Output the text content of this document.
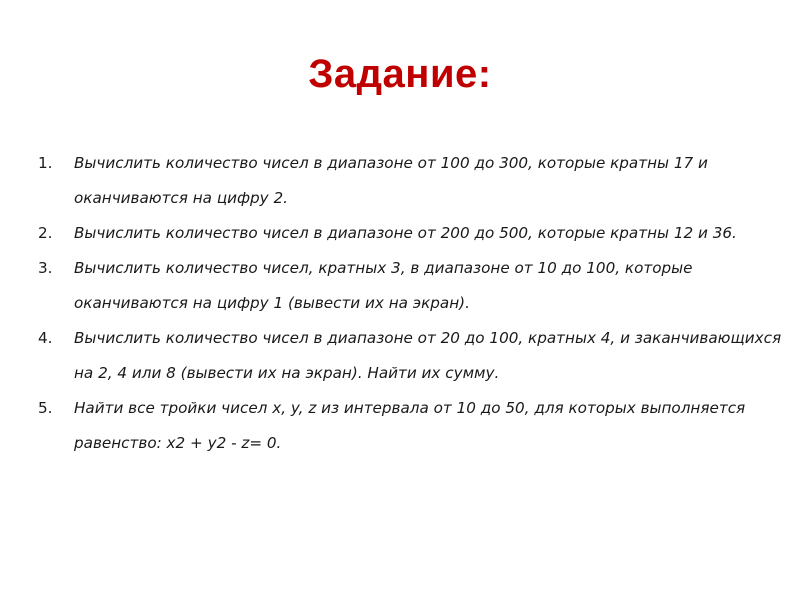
Задание:
1.	Вычислить количество чисел в диапазоне от 100 до 300, которые кратны 17 и оканчиваются на цифру 2.
2.	Вычислить количество чисел в диапазоне от 200 до 500, которые кратны 12 и 36.
3.	Вычислить количество чисел, кратных 3, в диапазоне от 10 до 100, которые оканчиваются на цифру 1 (вывести их на экран).
4.	Вычислить количество чисел в диапазоне от 20 до 100, кратных 4, и заканчивающихся на 2, 4 или 8 (вывести их на экран). Найти их сумму.
5.	Найти все тройки чисел x, y, z из интервала от 10 до 50, для которых выполняется равенство: x2 + y2 - z= 0.
